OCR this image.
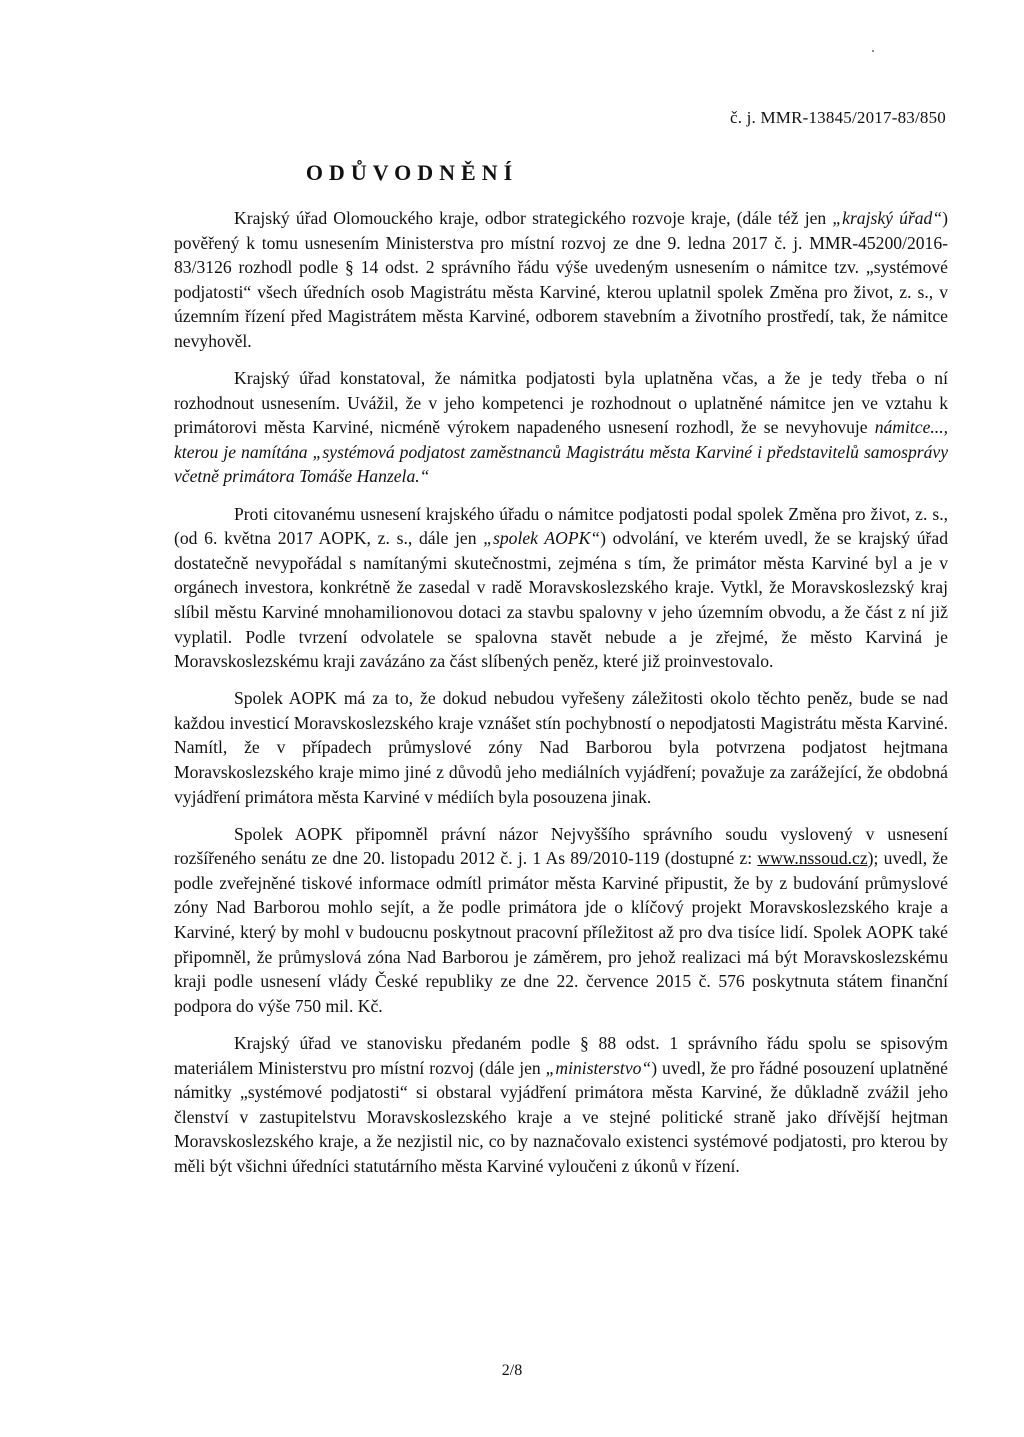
č. j. MMR-13845/2017-83/850
ODŮVODNĚNÍ

Krajský úřad Olomouckého kraje, odbor strategického rozvoje kraje, (dále též jen „krajský úřad“) pověřený k tomu usnesením Ministerstva pro místní rozvoj ze dne 9. ledna 2017 č. j. MMR-45200/2016-83/3126 rozhodl podle § 14 odst. 2 správního řádu výše uvedeným usnesením o námitce tzv. „systémové podjatosti“ všech úředních osob Magistrátu města Karviné, kterou uplatnil spolek Změna pro život, z. s., v územním řízení před Magistrátem města Karviné, odborem stavebním a životního prostředí, tak, že námitce nevyhověl.

Krajský úřad konstatoval, že námitka podjatosti byla uplatněna včas, a že je tedy třeba o ní rozhodnout usnesením. Uvážil, že v jeho kompetenci je rozhodnout o uplatněné námitce jen ve vztahu k primátorovi města Karviné, nicméně výrokem napadeného usnesení rozhodl, že se nevyhovuje námitce..., kterou je namítána „systémová podjatost zaměstnanců Magistrátu města Karviné i představitelů samosprávy včetně primátora Tomáše Hanzela.“

Proti citovanému usnesení krajského úřadu o námitce podjatosti podal spolek Změna pro život, z. s., (od 6. května 2017 AOPK, z. s., dále jen „spolek AOPK“) odvolání, ve kterém uvedl, že se krajský úřad dostatečně nevypořádal s namítanými skutečnostmi, zejména s tím, že primátor města Karviné byl a je v orgánech investora, konkrétně že zasedal v radě Moravskoslezského kraje. Vytkl, že Moravskoslezský kraj slíbil městu Karviné mnohamilionovou dotaci za stavbu spalovny v jeho územním obvodu, a že část z ní již vyplatil. Podle tvrzení odvolatele se spalovna stavět nebude a je zřejmé, že město Karviná je Moravskoslezskému kraji zavázáno za část slíbených peněz, které již proinvestovalo.

Spolek AOPK má za to, že dokud nebudou vyřešeny záležitosti okolo těchto peněz, bude se nad každou investicí Moravskoslezského kraje vznášet stín pochybností o nepodjatosti Magistrátu města Karviné. Namítl, že v případech průmyslové zóny Nad Barborou byla potvrzena podjatost hejtmana Moravskoslezského kraje mimo jiné z důvodů jeho mediálních vyjádření; považuje za zarážející, že obdobná vyjádření primátora města Karviné v médiích byla posouzena jinak.

Spolek AOPK připomněl právní názor Nejvyššího správního soudu vyslovený v usnesení rozšířeného senátu ze dne 20. listopadu 2012 č. j. 1 As 89/2010-119 (dostupné z: www.nssoud.cz); uvedl, že podle zveřejněné tiskové informace odmítl primátor města Karviné připustit, že by z budování průmyslové zóny Nad Barborou mohlo sejít, a že podle primátora jde o klíčový projekt Moravskoslezského kraje a Karviné, který by mohl v budoucnu poskytnout pracovní příležitost až pro dva tisíce lidí. Spolek AOPK také připomněl, že průmyslová zóna Nad Barborou je záměrem, pro jehož realizaci má být Moravskoslezskému kraji podle usnesení vlády České republiky ze dne 22. července 2015 č. 576 poskytnuta státem finanční podpora do výše 750 mil. Kč.

Krajský úřad ve stanovisku předaném podle § 88 odst. 1 správního řádu spolu se spisovým materiálem Ministerstvu pro místní rozvoj (dále jen „ministerstvo“) uvedl, že pro řádné posouzení uplatněné námitky „systémové podjatosti“ si obstaral vyjádření primátora města Karviné, že důkladně zvážil jeho členství v zastupitelstvu Moravskoslezského kraje a ve stejné politické straně jako dřívější hejtman Moravskoslezského kraje, a že nezjistil nic, co by naznačovalo existenci systémové podjatosti, pro kterou by měli být všichni úředníci statutárního města Karviné vyloučeni z úkonů v řízení.

2/8
